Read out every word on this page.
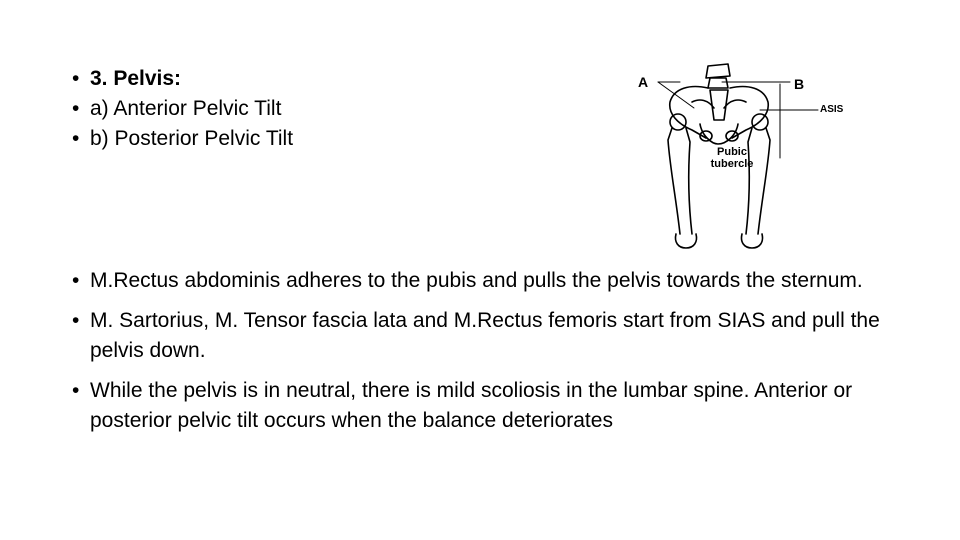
• 3. Pelvis:
• a) Anterior Pelvic Tilt
• b) Posterior Pelvic Tilt
A	B
ASIS
Pubic
tubercle
• M.Rectus abdominis adheres to the pubis and pulls the pelvis towards the sternum.
• M. Sartorius, M. Tensor fascia lata and M.Rectus femoris start from SIAS and pull the pelvis down.
• While the pelvis is in neutral, there is mild scoliosis in the lumbar spine. Anterior or posterior pelvic tilt occurs when the balance deteriorates
